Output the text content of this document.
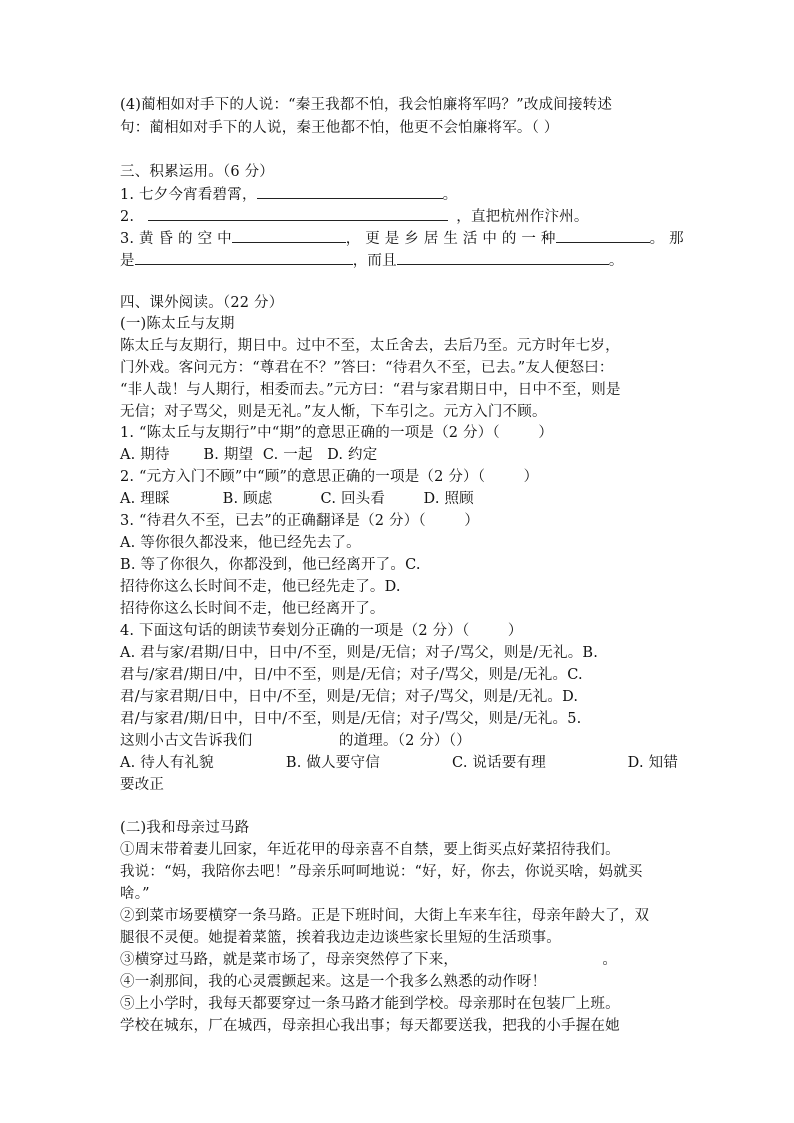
(4)蔺相如对手下的人说：“秦王我都不怕，我会怕廉将军吗？”改成间接转述
句：蔺相如对手下的人说，秦王他都不怕，他更不会怕廉将军。（ ）
三、积累运用。（6 分）
1. 七夕今宵看碧霄，	。
2.	，直把杭州作汴州。
3. 黄 昏 的 空 中	， 更 是 乡 居 生 活 中 的 一 种	。 那
是	，而且	。
四、课外阅读。（22 分）
(一)陈太丘与友期
陈太丘与友期行，期日中。过中不至，太丘舍去，去后乃至。元方时年七岁，
门外戏。客问元方：“尊君在不？”答曰：“待君久不至，已去。”友人便怒曰：
“非人哉！与人期行，相委而去。”元方曰：“君与家君期日中，日中不至，则是
无信；对子骂父，则是无礼。”友人惭，下车引之。元方入门不顾。
1. “陈太丘与友期行”中“期”的意思正确的一项是（2 分）（        ）
A. 期待       B. 期望  C. 一起   D. 约定
2. “元方入门不顾”中“顾”的意思正确的一项是（2 分）（        ）
A. 理睬           B. 顾虑          C. 回头看        D. 照顾
3. “待君久不至，已去”的正确翻译是（2 分）（        ）
A. 等你很久都没来，他已经先去了。
B. 等了你很久，你都没到，他已经离开了。C.
招待你这么长时间不走，他已经先走了。D.
招待你这么长时间不走，他已经离开了。
4. 下面这句话的朗读节奏划分正确的一项是（2 分）（        ）
A. 君与家/君期/日中，日中/不至，则是/无信；对子/骂父，则是/无礼。B.
君与/家君/期日/中，日/中不至，则是/无信；对子/骂父，则是/无礼。C.
君/与家君期/日中，日中/不至，则是/无信；对子/骂父，则是/无礼。D.
君/与家君/期/日中，日中/不至，则是/无信；对子/骂父，则是/无礼。5.
这则小古文告诉我们                  的道理。（2 分）（）
A. 待人有礼貌               B. 做人要守信               C. 说话要有理                 D. 知错
要改正
(二)我和母亲过马路
①周末带着妻儿回家，年近花甲的母亲喜不自禁，要上街买点好菜招待我们。
我说：“妈，我陪你去吧！”母亲乐呵呵地说：“好，好，你去，你说买啥，妈就买
啥。”
②到菜市场要横穿一条马路。正是下班时间，大街上车来车往，母亲年龄大了，双
腿很不灵便。她提着菜篮，挨着我边走边谈些家长里短的生活琐事。
③横穿过马路，就是菜市场了，母亲突然停了下来，                              。
④一刹那间，我的心灵震颤起来。这是一个我多么熟悉的动作呀！
⑤上小学时，我每天都要穿过一条马路才能到学校。母亲那时在包装厂上班。
学校在城东，厂在城西，母亲担心我出事；每天都要送我，把我的小手握在她
